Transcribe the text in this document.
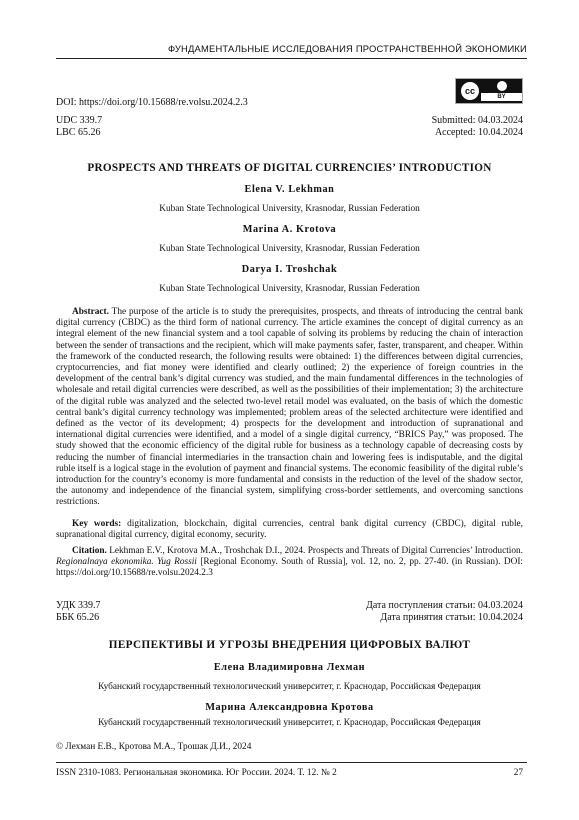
ФУНДАМЕНТАЛЬНЫЕ ИССЛЕДОВАНИЯ ПРОСТРАНСТВЕННОЙ ЭКОНОМИКИ
cc
BY
DOI: https://doi.org/10.15688/re.volsu.2024.2.3
UDC 339.7
LBC 65.26
Submitted: 04.03.2024
Accepted: 10.04.2024
PROSPECTS AND THREATS OF DIGITAL CURRENCIES’ INTRODUCTION
Elena V. Lekhman
Kuban State Technological University, Krasnodar, Russian Federation
Marina A. Krotova
Kuban State Technological University, Krasnodar, Russian Federation
Darya I. Troshchak
Kuban State Technological University, Krasnodar, Russian Federation

Abstract. The purpose of the article is to study the prerequisites, prospects, and threats of introducing the central bank digital currency (CBDC) as the third form of national currency. The article examines the concept of digital currency as an integral element of the new financial system and a tool capable of solving its problems by reducing the chain of interaction between the sender of transactions and the recipient, which will make payments safer, faster, transparent, and cheaper. Within the framework of the conducted research, the following results were obtained: 1) the differences between digital currencies, cryptocurrencies, and fiat money were identified and clearly outlined; 2) the experience of foreign countries in the development of the central bank’s digital currency was studied, and the main fundamental differences in the technologies of wholesale and retail digital currencies were described, as well as the possibilities of their implementation; 3) the architecture of the digital ruble was analyzed and the selected two-level retail model was evaluated, on the basis of which the domestic central bank’s digital currency technology was implemented; problem areas of the selected architecture were identified and defined as the vector of its development; 4) prospects for the development and introduction of supranational and international digital currencies were identified, and a model of a single digital currency, “BRICS Pay,” was proposed. The study showed that the economic efficiency of the digital ruble for business as a technology capable of decreasing costs by reducing the number of financial intermediaries in the transaction chain and lowering fees is indisputable, and the digital ruble itself is a logical stage in the evolution of payment and financial systems. The economic feasibility of the digital ruble’s introduction for the country’s economy is more fundamental and consists in the reduction of the level of the shadow sector, the autonomy and independence of the financial system, simplifying cross-border settlements, and overcoming sanctions restrictions.

Key words: digitalization, blockchain, digital currencies, central bank digital currency (CBDC), digital ruble, supranational digital currency, digital economy, security.

Citation. Lekhman E.V., Krotova M.A., Troshchak D.I., 2024. Prospects and Threats of Digital Currencies’ Introduction. Regionalnaya ekonomika. Yug Rossii [Regional Economy. South of Russia], vol. 12, no. 2, pp. 27-40. (in Russian). DOI: https://doi.org/10.15688/re.volsu.2024.2.3

УДК 339.7
ББК 65.26
Дата поступления статьи: 04.03.2024
Дата принятия статьи: 10.04.2024
ПЕРСПЕКТИВЫ И УГРОЗЫ ВНЕДРЕНИЯ ЦИФРОВЫХ ВАЛЮТ
Елена Владимировна Лехман
Кубанский государственный технологический университет, г. Краснодар, Российская Федерация
Марина Александровна Кротова
Кубанский государственный технологический университет, г. Краснодар, Российская Федерация
© Лехман Е.В., Кротова М.А., Трошак Д.И., 2024
ISSN 2310-1083. Региональная экономика. Юг России. 2024. Т. 12. № 2	27
